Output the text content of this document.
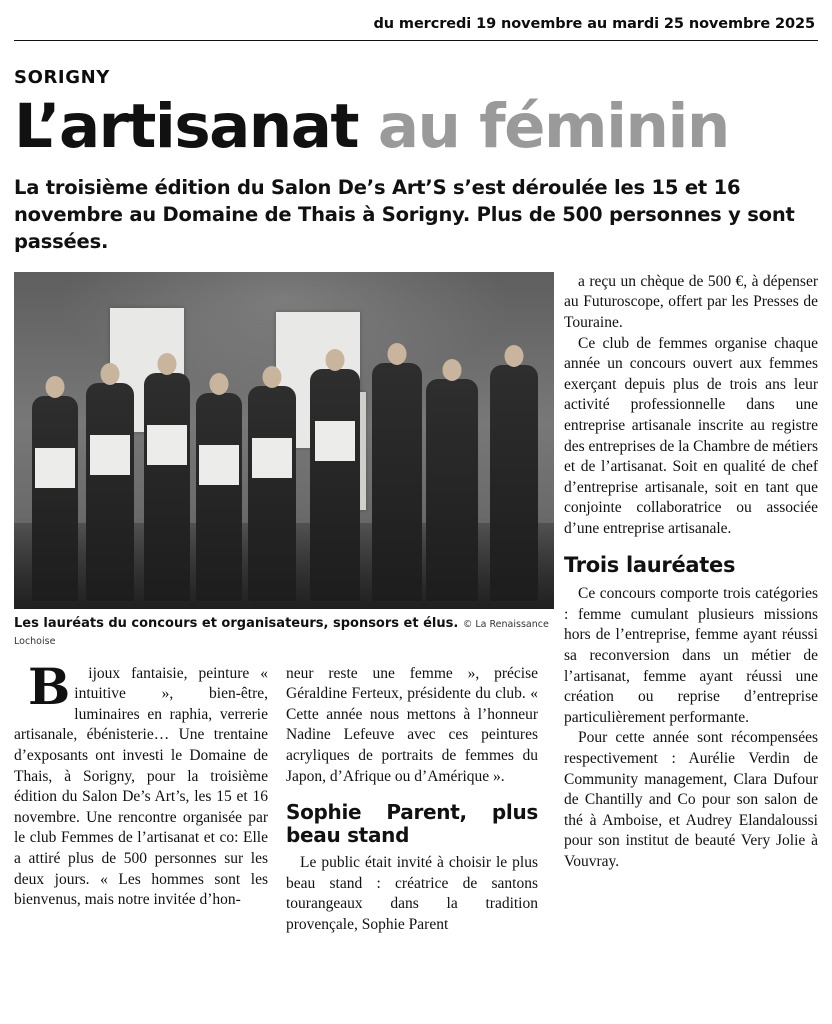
du mercredi 19 novembre au mardi 25 novembre 2025
SORIGNY
L’artisanat au féminin
La troisième édition du Salon De’s Art’S s’est déroulée les 15 et 16 novembre au Domaine de Thais à Sorigny. Plus de 500 personnes y sont passées.
Les lauréats du concours et organisateurs, sponsors et élus. © La Renaissance Lochoise

a reçu un chèque de 500 €, à dépenser au Futuroscope, offert par les Presses de Touraine.

Ce club de femmes organise chaque année un concours ouvert aux femmes exerçant depuis plus de trois ans leur activité professionnelle dans une entreprise artisanale inscrite au registre des entreprises de la Chambre de métiers et de l’artisanat. Soit en qualité de chef d’entreprise artisanale, soit en tant que conjointe collaboratrice ou associée d’une entreprise artisanale.

Trois lauréates

Ce concours comporte trois catégories : femme cumulant plusieurs missions hors de l’entreprise, femme ayant réussi sa reconversion dans un métier de l’artisanat, femme ayant réussi une création ou reprise d’entreprise particulièrement performante.

Pour cette année sont récompensées respectivement : Aurélie Verdin de Community management, Clara Dufour de Chantilly and Co pour son salon de thé à Amboise, et Audrey Elandaloussi pour son institut de beauté Very Jolie à Vouvray.

B ijoux fantaisie, peinture « intuitive », bien-être, luminaires en raphia, verrerie artisanale, ébénisterie… Une trentaine d’exposants ont investi le Domaine de Thais, à Sorigny, pour la troisième édition du Salon De’s Art’s, les 15 et 16 novembre. Une rencontre organisée par le club Femmes de l’artisanat et co: Elle a attiré plus de 500 personnes sur les deux jours. « Les hommes sont les bienvenus, mais notre invitée d’hon-

neur reste une femme », précise Géraldine Ferteux, présidente du club. « Cette année nous mettons à l’honneur Nadine Lefeuve avec ces peintures acryliques de portraits de femmes du Japon, d’Afrique ou d’Amérique ».

Sophie Parent, plus beau stand

Le public était invité à choisir le plus beau stand : créatrice de santons tourangeaux dans la tradition provençale, Sophie Parent
